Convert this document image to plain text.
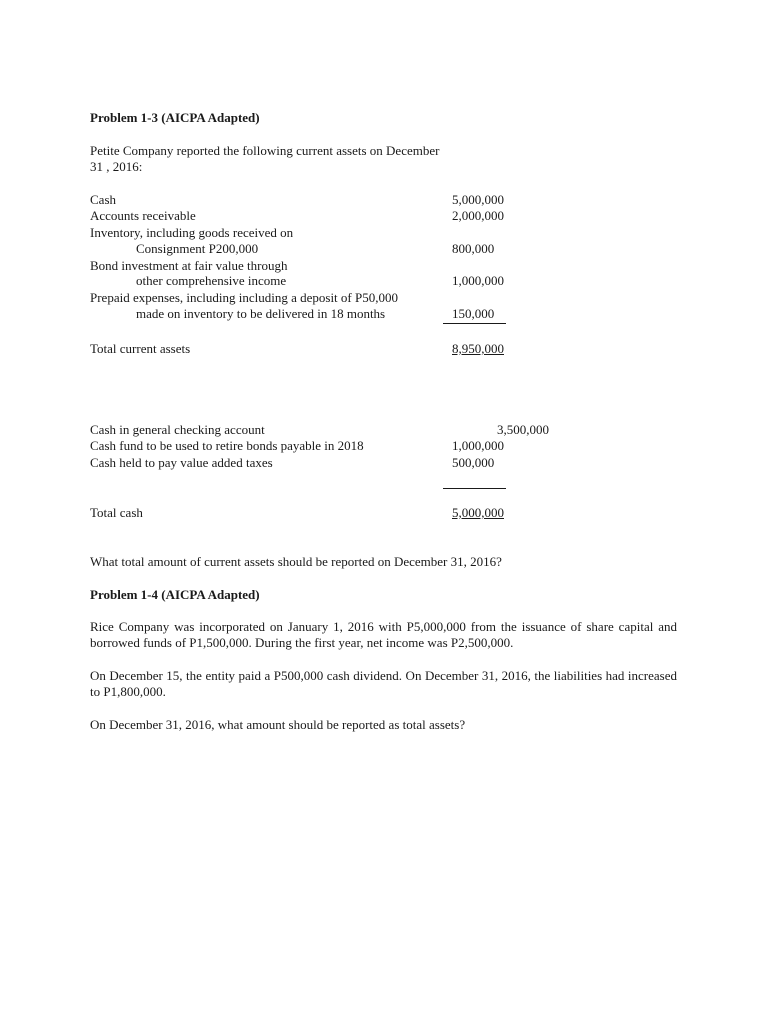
Problem 1-3 (AICPA Adapted)
Petite Company reported the following current assets on December
31 , 2016:
Cash	5,000,000
Accounts receivable	2,000,000
Inventory, including goods received on
Consignment P200,000	800,000
Bond investment at fair value through
other comprehensive income	1,000,000
Prepaid expenses, including including a deposit of P50,000
made on inventory to be delivered in 18 months	150,000
Total current assets	8,950,000
Cash in general checking account	3,500,000
Cash fund to be used to retire bonds payable in 2018	1,000,000
Cash held to pay value added taxes	500,000
Total cash	5,000,000
What total amount of current assets should be reported on December 31, 2016?
Problem 1-4 (AICPA Adapted)
Rice Company was incorporated on January 1, 2016 with P5,000,000 from the issuance of share capital and borrowed funds of P1,500,000. During the first year, net income was P2,500,000.
On December 15, the entity paid a P500,000 cash dividend. On December 31, 2016, the liabilities had increased to P1,800,000.
On December 31, 2016, what amount should be reported as total assets?
